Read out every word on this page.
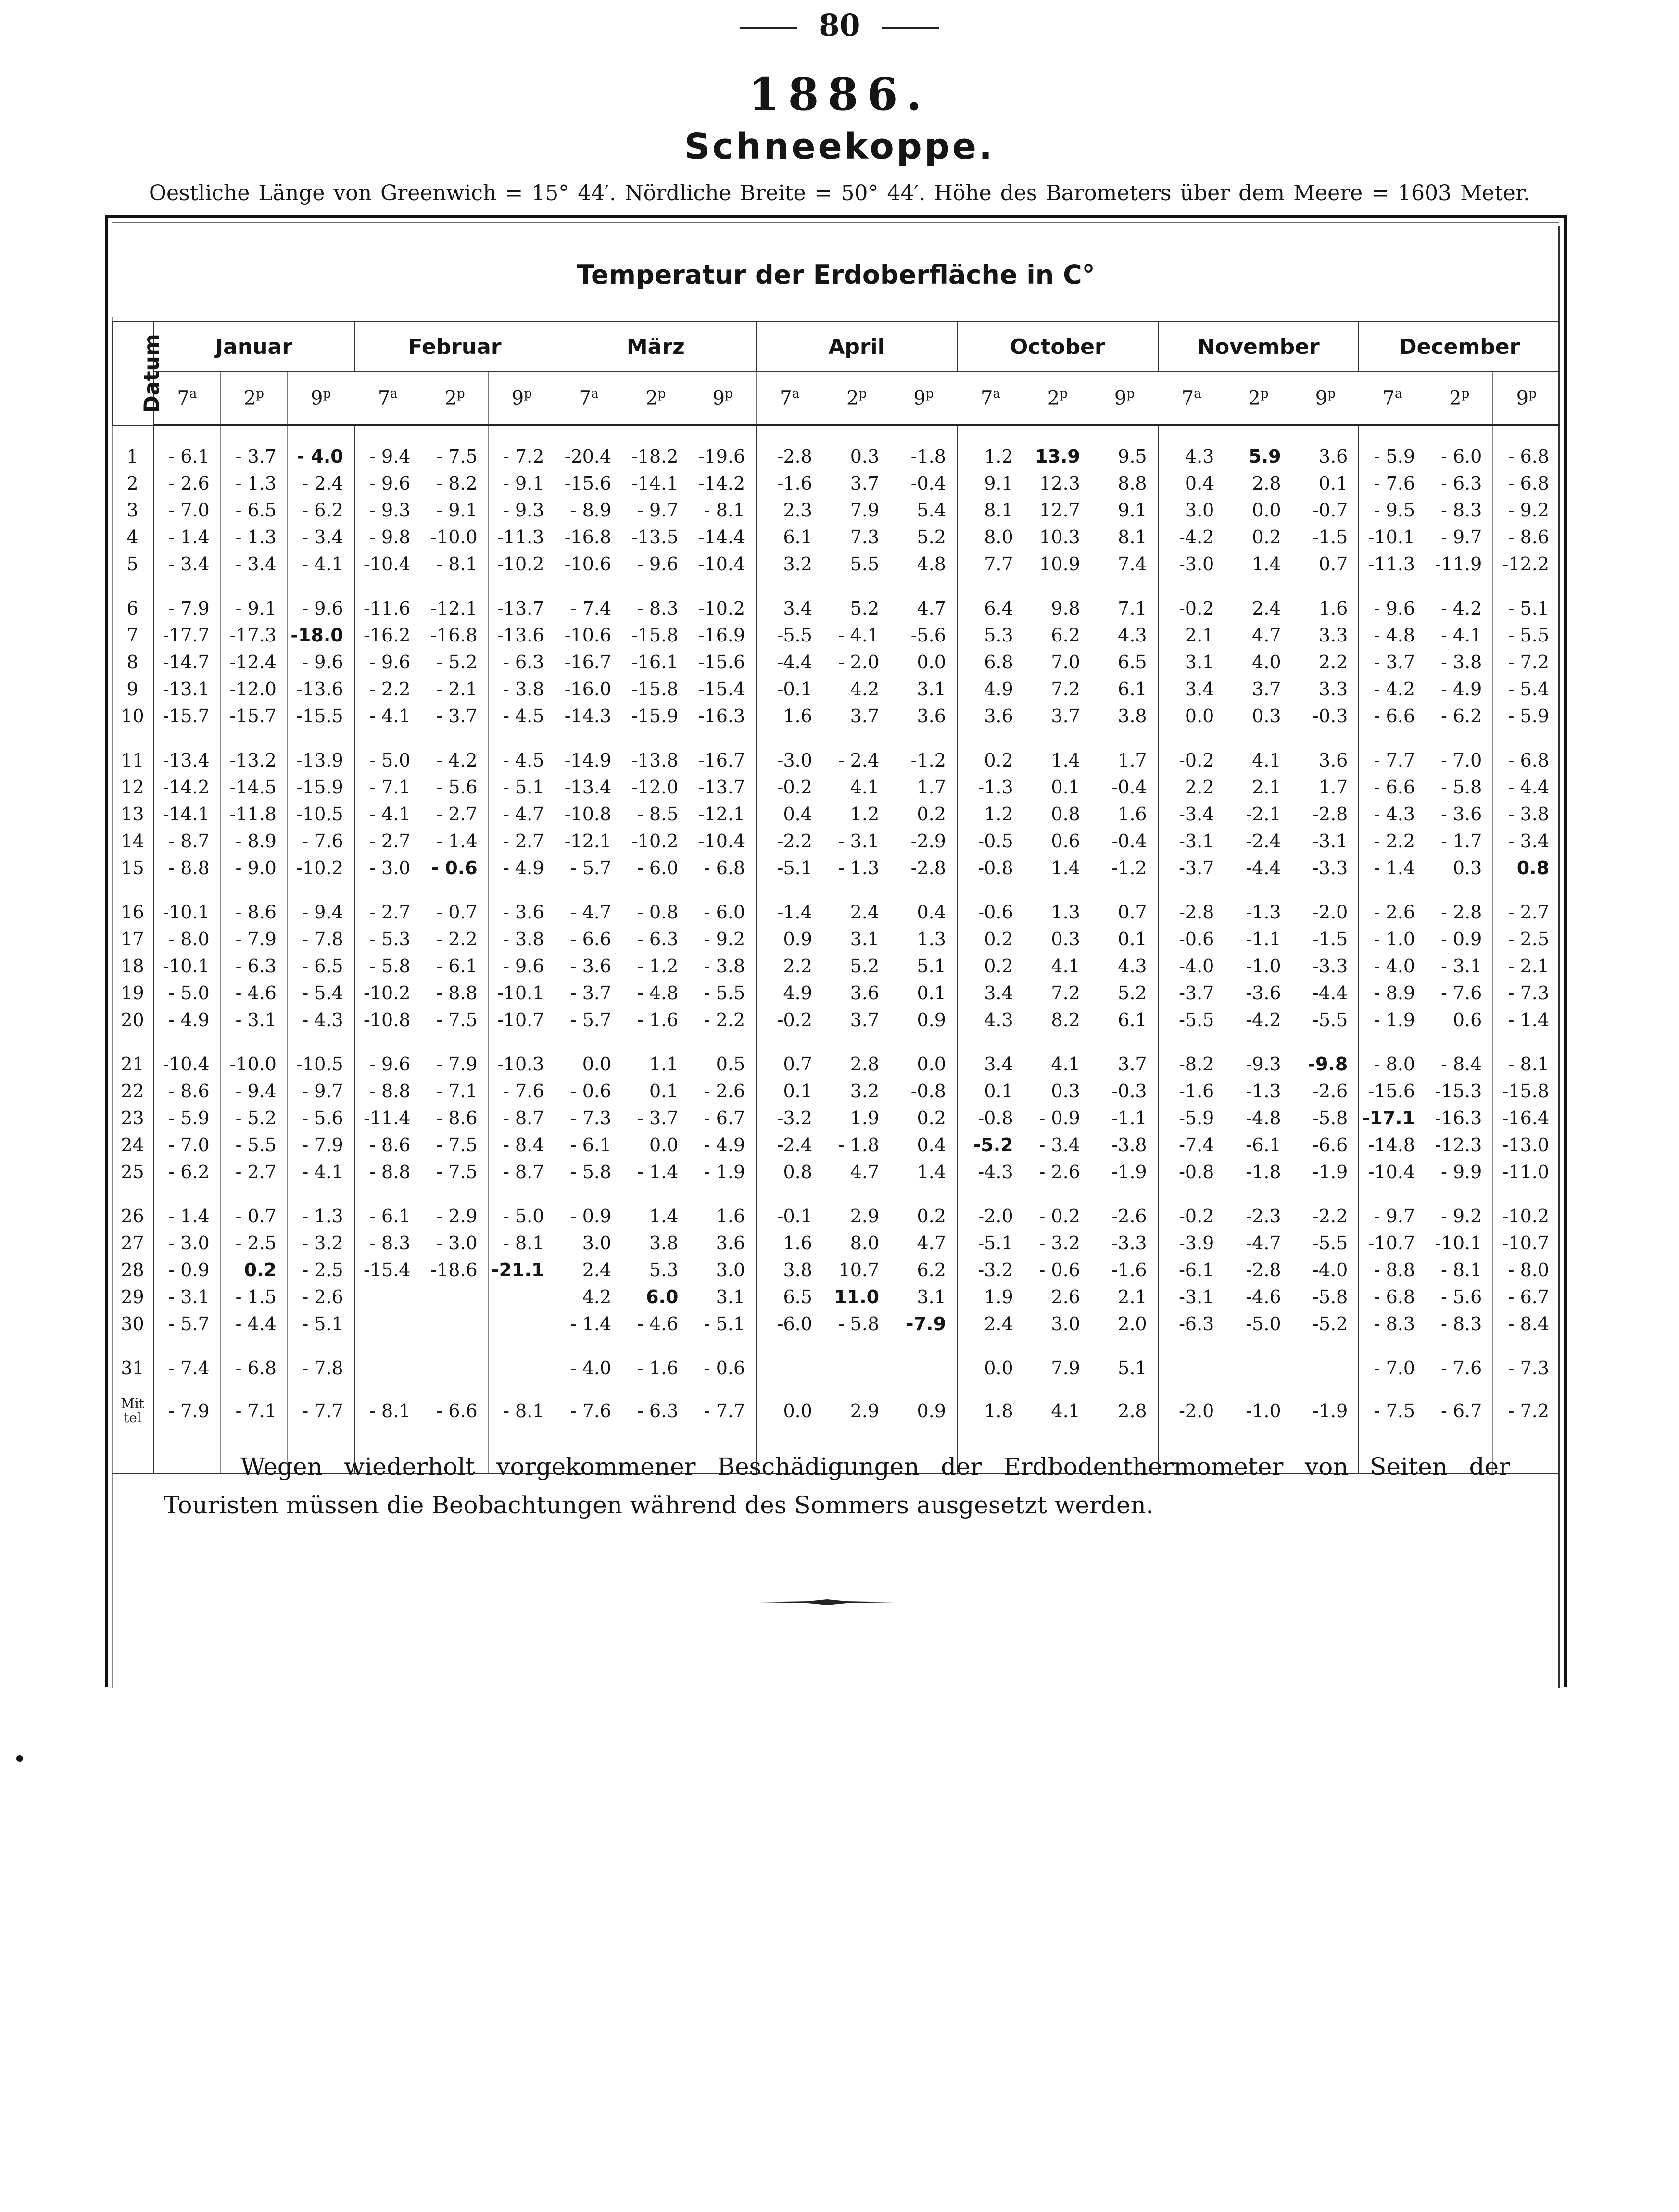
80
1886.
Schneekoppe.
Oestliche Länge von Greenwich = 15° 44′. Nördliche Breite = 50° 44′. Höhe des Barometers über dem Meere = 1603 Meter.
Temperatur der Erdoberfläche in C°
Datum	Januar			Februar			März			April			October			November			December		
	7$^a$	2$^p$	9$^p$	7$^a$	2$^p$	9$^p$	7$^a$	2$^p$	9$^p$	7$^a$	2$^p$	9$^p$	7$^a$	2$^p$	9$^p$	7$^a$	2$^p$	9$^p$	7$^a$	2$^p$	9$^p$
1	- 6.1	- 3.7	- 4.0	- 9.4	- 7.5	- 7.2	-20.4	-18.2	-19.6	-2.8	0.3	-1.8	1.2	13.9	9.5	4.3	5.9	3.6	- 5.9	- 6.0	- 6.8
2	- 2.6	- 1.3	- 2.4	- 9.6	- 8.2	- 9.1	-15.6	-14.1	-14.2	-1.6	3.7	-0.4	9.1	12.3	8.8	0.4	2.8	0.1	- 7.6	- 6.3	- 6.8
3	- 7.0	- 6.5	- 6.2	- 9.3	- 9.1	- 9.3	- 8.9	- 9.7	- 8.1	2.3	7.9	5.4	8.1	12.7	9.1	3.0	0.0	-0.7	- 9.5	- 8.3	- 9.2
4	- 1.4	- 1.3	- 3.4	- 9.8	-10.0	-11.3	-16.8	-13.5	-14.4	6.1	7.3	5.2	8.0	10.3	8.1	-4.2	0.2	-1.5	-10.1	- 9.7	- 8.6
5	- 3.4	- 3.4	- 4.1	-10.4	- 8.1	-10.2	-10.6	- 9.6	-10.4	3.2	5.5	4.8	7.7	10.9	7.4	-3.0	1.4	0.7	-11.3	-11.9	-12.2
6	- 7.9	- 9.1	- 9.6	-11.6	-12.1	-13.7	- 7.4	- 8.3	-10.2	3.4	5.2	4.7	6.4	9.8	7.1	-0.2	2.4	1.6	- 9.6	- 4.2	- 5.1
7	-17.7	-17.3	-18.0	-16.2	-16.8	-13.6	-10.6	-15.8	-16.9	-5.5	- 4.1	-5.6	5.3	6.2	4.3	2.1	4.7	3.3	- 4.8	- 4.1	- 5.5
8	-14.7	-12.4	- 9.6	- 9.6	- 5.2	- 6.3	-16.7	-16.1	-15.6	-4.4	- 2.0	0.0	6.8	7.0	6.5	3.1	4.0	2.2	- 3.7	- 3.8	- 7.2
9	-13.1	-12.0	-13.6	- 2.2	- 2.1	- 3.8	-16.0	-15.8	-15.4	-0.1	4.2	3.1	4.9	7.2	6.1	3.4	3.7	3.3	- 4.2	- 4.9	- 5.4
10	-15.7	-15.7	-15.5	- 4.1	- 3.7	- 4.5	-14.3	-15.9	-16.3	1.6	3.7	3.6	3.6	3.7	3.8	0.0	0.3	-0.3	- 6.6	- 6.2	- 5.9
11	-13.4	-13.2	-13.9	- 5.0	- 4.2	- 4.5	-14.9	-13.8	-16.7	-3.0	- 2.4	-1.2	0.2	1.4	1.7	-0.2	4.1	3.6	- 7.7	- 7.0	- 6.8
12	-14.2	-14.5	-15.9	- 7.1	- 5.6	- 5.1	-13.4	-12.0	-13.7	-0.2	4.1	1.7	-1.3	0.1	-0.4	2.2	2.1	1.7	- 6.6	- 5.8	- 4.4
13	-14.1	-11.8	-10.5	- 4.1	- 2.7	- 4.7	-10.8	- 8.5	-12.1	0.4	1.2	0.2	1.2	0.8	1.6	-3.4	-2.1	-2.8	- 4.3	- 3.6	- 3.8
14	- 8.7	- 8.9	- 7.6	- 2.7	- 1.4	- 2.7	-12.1	-10.2	-10.4	-2.2	- 3.1	-2.9	-0.5	0.6	-0.4	-3.1	-2.4	-3.1	- 2.2	- 1.7	- 3.4
15	- 8.8	- 9.0	-10.2	- 3.0	- 0.6	- 4.9	- 5.7	- 6.0	- 6.8	-5.1	- 1.3	-2.8	-0.8	1.4	-1.2	-3.7	-4.4	-3.3	- 1.4	0.3	0.8
16	-10.1	- 8.6	- 9.4	- 2.7	- 0.7	- 3.6	- 4.7	- 0.8	- 6.0	-1.4	2.4	0.4	-0.6	1.3	0.7	-2.8	-1.3	-2.0	- 2.6	- 2.8	- 2.7
17	- 8.0	- 7.9	- 7.8	- 5.3	- 2.2	- 3.8	- 6.6	- 6.3	- 9.2	0.9	3.1	1.3	0.2	0.3	0.1	-0.6	-1.1	-1.5	- 1.0	- 0.9	- 2.5
18	-10.1	- 6.3	- 6.5	- 5.8	- 6.1	- 9.6	- 3.6	- 1.2	- 3.8	2.2	5.2	5.1	0.2	4.1	4.3	-4.0	-1.0	-3.3	- 4.0	- 3.1	- 2.1
19	- 5.0	- 4.6	- 5.4	-10.2	- 8.8	-10.1	- 3.7	- 4.8	- 5.5	4.9	3.6	0.1	3.4	7.2	5.2	-3.7	-3.6	-4.4	- 8.9	- 7.6	- 7.3
20	- 4.9	- 3.1	- 4.3	-10.8	- 7.5	-10.7	- 5.7	- 1.6	- 2.2	-0.2	3.7	0.9	4.3	8.2	6.1	-5.5	-4.2	-5.5	- 1.9	0.6	- 1.4
21	-10.4	-10.0	-10.5	- 9.6	- 7.9	-10.3	0.0	1.1	0.5	0.7	2.8	0.0	3.4	4.1	3.7	-8.2	-9.3	-9.8	- 8.0	- 8.4	- 8.1
22	- 8.6	- 9.4	- 9.7	- 8.8	- 7.1	- 7.6	- 0.6	0.1	- 2.6	0.1	3.2	-0.8	0.1	0.3	-0.3	-1.6	-1.3	-2.6	-15.6	-15.3	-15.8
23	- 5.9	- 5.2	- 5.6	-11.4	- 8.6	- 8.7	- 7.3	- 3.7	- 6.7	-3.2	1.9	0.2	-0.8	- 0.9	-1.1	-5.9	-4.8	-5.8	-17.1	-16.3	-16.4
24	- 7.0	- 5.5	- 7.9	- 8.6	- 7.5	- 8.4	- 6.1	0.0	- 4.9	-2.4	- 1.8	0.4	-5.2	- 3.4	-3.8	-7.4	-6.1	-6.6	-14.8	-12.3	-13.0
25	- 6.2	- 2.7	- 4.1	- 8.8	- 7.5	- 8.7	- 5.8	- 1.4	- 1.9	0.8	4.7	1.4	-4.3	- 2.6	-1.9	-0.8	-1.8	-1.9	-10.4	- 9.9	-11.0
26	- 1.4	- 0.7	- 1.3	- 6.1	- 2.9	- 5.0	- 0.9	1.4	1.6	-0.1	2.9	0.2	-2.0	- 0.2	-2.6	-0.2	-2.3	-2.2	- 9.7	- 9.2	-10.2
27	- 3.0	- 2.5	- 3.2	- 8.3	- 3.0	- 8.1	3.0	3.8	3.6	1.6	8.0	4.7	-5.1	- 3.2	-3.3	-3.9	-4.7	-5.5	-10.7	-10.1	-10.7
28	- 0.9	0.2	- 2.5	-15.4	-18.6	-21.1	2.4	5.3	3.0	3.8	10.7	6.2	-3.2	- 0.6	-1.6	-6.1	-2.8	-4.0	- 8.8	- 8.1	- 8.0
29	- 3.1	- 1.5	- 2.6				4.2	6.0	3.1	6.5	11.0	3.1	1.9	2.6	2.1	-3.1	-4.6	-5.8	- 6.8	- 5.6	- 6.7
30	- 5.7	- 4.4	- 5.1				- 1.4	- 4.6	- 5.1	-6.0	- 5.8	-7.9	2.4	3.0	2.0	-6.3	-5.0	-5.2	- 8.3	- 8.3	- 8.4
31	- 7.4	- 6.8	- 7.8				- 4.0	- 1.6	- 0.6				0.0	7.9	5.1				- 7.0	- 7.6	- 7.3
Mit
tel	- 7.9	- 7.1	- 7.7	- 8.1	- 6.6	- 8.1	- 7.6	- 6.3	- 7.7	0.0	2.9	0.9	1.8	4.1	2.8	-2.0	-1.0	-1.9	- 7.5	- 6.7	- 7.2

Wegen wiederholt vorgekommener Beschädigungen der Erdbodenthermometer von Seiten der Touristen müssen die Beobachtungen während des Sommers ausgesetzt werden.
